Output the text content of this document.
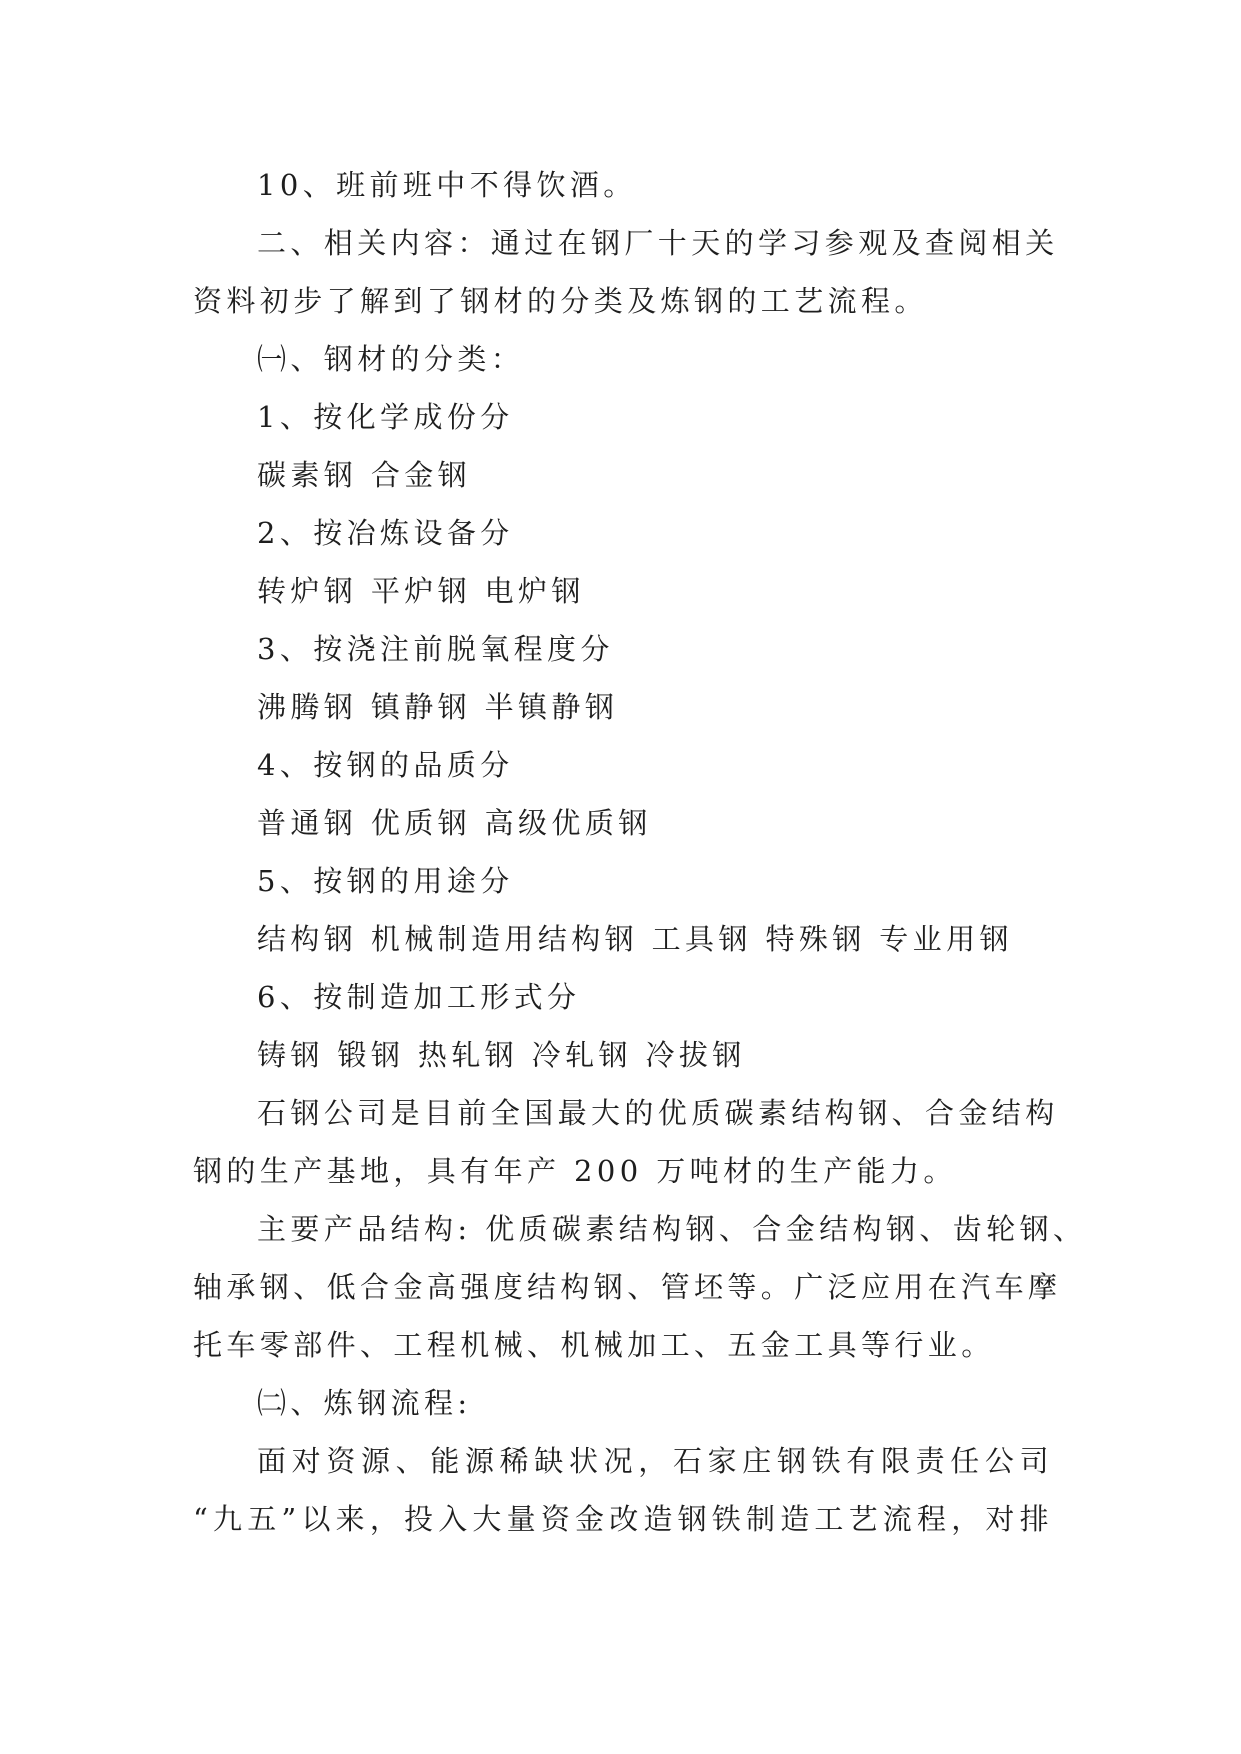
10、班前班中不得饮酒。
二、相关内容：通过在钢厂十天的学习参观及查阅相关
资料初步了解到了钢材的分类及炼钢的工艺流程。
㈠、钢材的分类：
1、按化学成份分
碳素钢 合金钢
2、按冶炼设备分
转炉钢 平炉钢 电炉钢
3、按浇注前脱氧程度分
沸腾钢 镇静钢 半镇静钢
4、按钢的品质分
普通钢 优质钢 高级优质钢
5、按钢的用途分
结构钢 机械制造用结构钢 工具钢 特殊钢 专业用钢
6、按制造加工形式分
铸钢 锻钢 热轧钢 冷轧钢 冷拔钢
石钢公司是目前全国最大的优质碳素结构钢、合金结构
钢的生产基地，具有年产 200 万吨材的生产能力。
主要产品结构: 优质碳素结构钢、合金结构钢、齿轮钢、
轴承钢、低合金高强度结构钢、管坯等。广泛应用在汽车摩
托车零部件、工程机械、机械加工、五金工具等行业。
㈡、炼钢流程:
面对资源、能源稀缺状况，石家庄钢铁有限责任公司
“九五”以来，投入大量资金改造钢铁制造工艺流程，对排
